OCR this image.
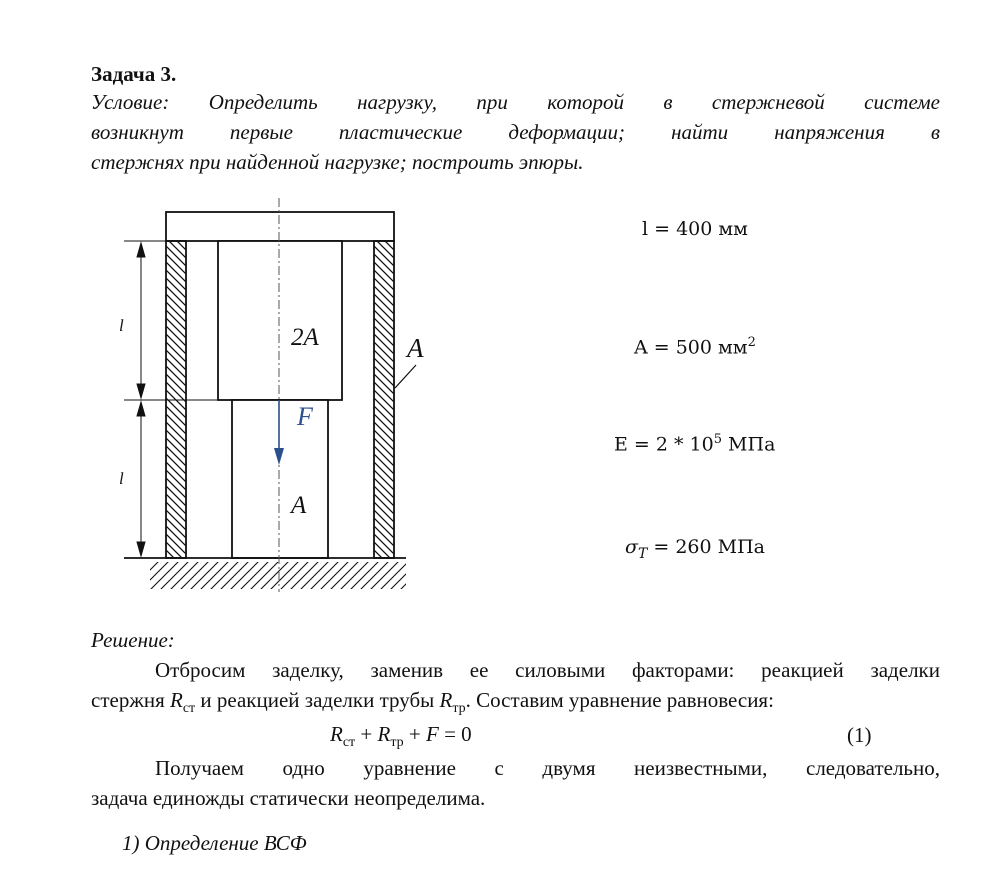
Задача 3.
Условие: Определить нагрузку, при которой в стержневой системе
возникнут первые пластические деформации; найти напряжения в
стержнях при найденной нагрузке; построить эпюры.
l
l
2A
A
A
F
l = 400 мм
A = 500 $мм^2$
$E = 2 * 10^5$ МПа
$\sigma_T = 260$ МПа
Решение:
Отбросим заделку, заменив ее силовыми факторами: реакцией заделки
стержня $R_{ст}$ и реакцией заделки трубы $R_{тр}$. Составим уравнение равновесия:
$R_{ст} + R_{тр} + F = 0$	(1)
Получаем одно уравнение с двумя неизвестными, следовательно,
задача единожды статически неопределима.
1) Определение ВСФ
